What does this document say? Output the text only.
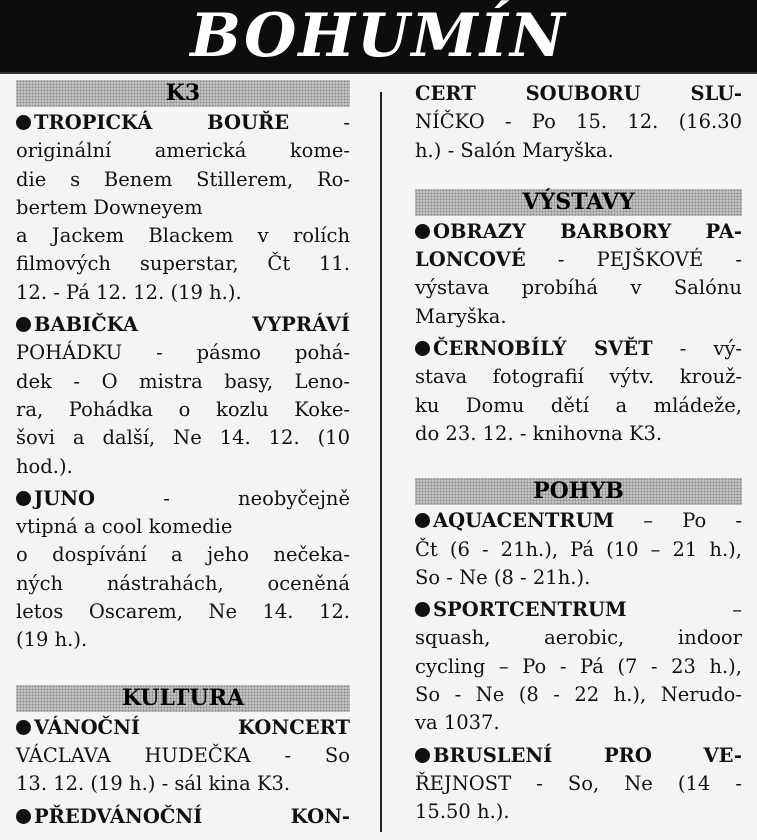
BOHUMÍN
K3
TROPICKÁ BOUŘE -
originální americká kome-
die s Benem Stillerem, Ro-
bertem Downeyem
a Jackem Blackem v rolích
filmových superstar, Čt 11.
12. - Pá 12. 12. (19 h.).
BABIČKA VYPRÁVÍ
POHÁDKU - pásmo pohá-
dek - O mistra basy, Leno-
ra, Pohádka o kozlu Koke-
šovi a další, Ne 14. 12. (10
hod.).
JUNO - neobyčejně
vtipná a cool komedie
o dospívání a jeho nečeka-
ných nástrahách, oceněná
letos Oscarem, Ne 14. 12.
(19 h.).
KULTURA
VÁNOČNÍ KONCERT
VÁCLAVA HUDEČKA - So
13. 12. (19 h.) - sál kina K3.
PŘEDVÁNOČNÍ KON-
CERT SOUBORU SLU-
NÍČKO - Po 15. 12. (16.30
h.) - Salón Maryška.
VÝSTAVY
OBRAZY BARBORY PA-
LONCOVÉ - PEJŠKOVÉ -
výstava probíhá v Salónu
Maryška.
ČERNOBÍLÝ SVĚT - vý-
stava fotografií výtv. krouž-
ku Domu dětí a mládeže,
do 23. 12. - knihovna K3.
POHYB
AQUACENTRUM – Po -
Čt (6 - 21h.), Pá (10 – 21 h.),
So - Ne (8 - 21h.).
SPORTCENTRUM –
squash, aerobic, indoor
cycling – Po - Pá (7 - 23 h.),
So - Ne (8 - 22 h.), Nerudo-
va 1037.
BRUSLENÍ PRO VE-
ŘEJNOST - So, Ne (14 -
15.50 h.).
